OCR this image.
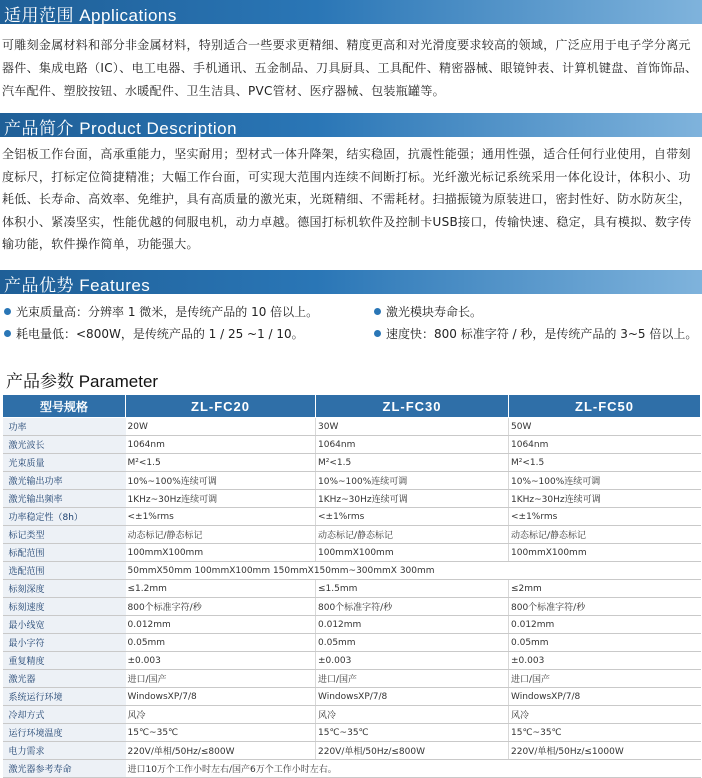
适用范围 Applications
可雕刻金属材料和部分非金属材料，特别适合一些要求更精细、精度更高和对光滑度要求较高的领域，广泛应用于电子学分离元器件、集成电路（IC）、电工电器、手机通讯、五金制品、刀具厨具、工具配件、精密器械、眼镜钟表、计算机键盘、首饰饰品、汽车配件、塑胶按钮、水暖配件、卫生洁具、PVC管材、医疗器械、包装瓶罐等。
产品简介 Product Description
全铝板工作台面，高承重能力，坚实耐用；型材式一体升降架，结实稳固，抗震性能强；通用性强，适合任何行业使用，自带刻度标尺，打标定位简捷精准；大幅工作台面，可实现大范围内连续不间断打标。光纤激光标记系统采用一体化设计，体积小、功耗低、长寿命、高效率、免维护，具有高质量的激光束，光斑精细、不需耗材。扫描振镜为原装进口，密封性好、防水防灰尘，体积小、紧凑坚实，性能优越的伺服电机，动力卓越。德国打标机软件及控制卡USB接口，传输快速、稳定，具有模拟、数字传输功能，软件操作简单，功能强大。
产品优势 Features
光束质量高：分辨率 1 微米，是传统产品的 10 倍以上。	激光模块寿命长。
耗电量低：<800W，是传统产品的 1 / 25 ~1 / 10。	速度快：800 标准字符 / 秒，是传统产品的 3~5 倍以上。
产品参数 Parameter
型号规格	ZL-FC20	ZL-FC30	ZL-FC50
功率	20W	30W	50W
激光波长	1064nm	1064nm	1064nm
光束质量	M²<1.5	M²<1.5	M²<1.5
激光输出功率	10%~100%连续可调	10%~100%连续可调	10%~100%连续可调
激光输出频率	1KHz~30Hz连续可调	1KHz~30Hz连续可调	1KHz~30Hz连续可调
功率稳定性（8h）	<±1%rms	<±1%rms	<±1%rms
标记类型	动态标记/静态标记	动态标记/静态标记	动态标记/静态标记
标配范围	100mmX100mm	100mmX100mm	100mmX100mm
选配范围	50mmX50mm 100mmX100mm 150mmX150mm~300mmX 300mm		
标刻深度	≤1.2mm	≤1.5mm	≤2mm
标刻速度	800个标准字符/秒	800个标准字符/秒	800个标准字符/秒
最小线宽	0.012mm	0.012mm	0.012mm
最小字符	0.05mm	0.05mm	0.05mm
重复精度	±0.003	±0.003	±0.003
激光器	进口/国产	进口/国产	进口/国产
系统运行环境	WindowsXP/7/8	WindowsXP/7/8	WindowsXP/7/8
冷却方式	风冷	风冷	风冷
运行环境温度	15℃~35℃	15℃~35℃	15℃~35℃
电力需求	220V/单相/50Hz/≤800W	220V/单相/50Hz/≤800W	220V/单相/50Hz/≤1000W
激光器参考寿命	进口10万个工作小时左右/国产6万个工作小时左右。		
